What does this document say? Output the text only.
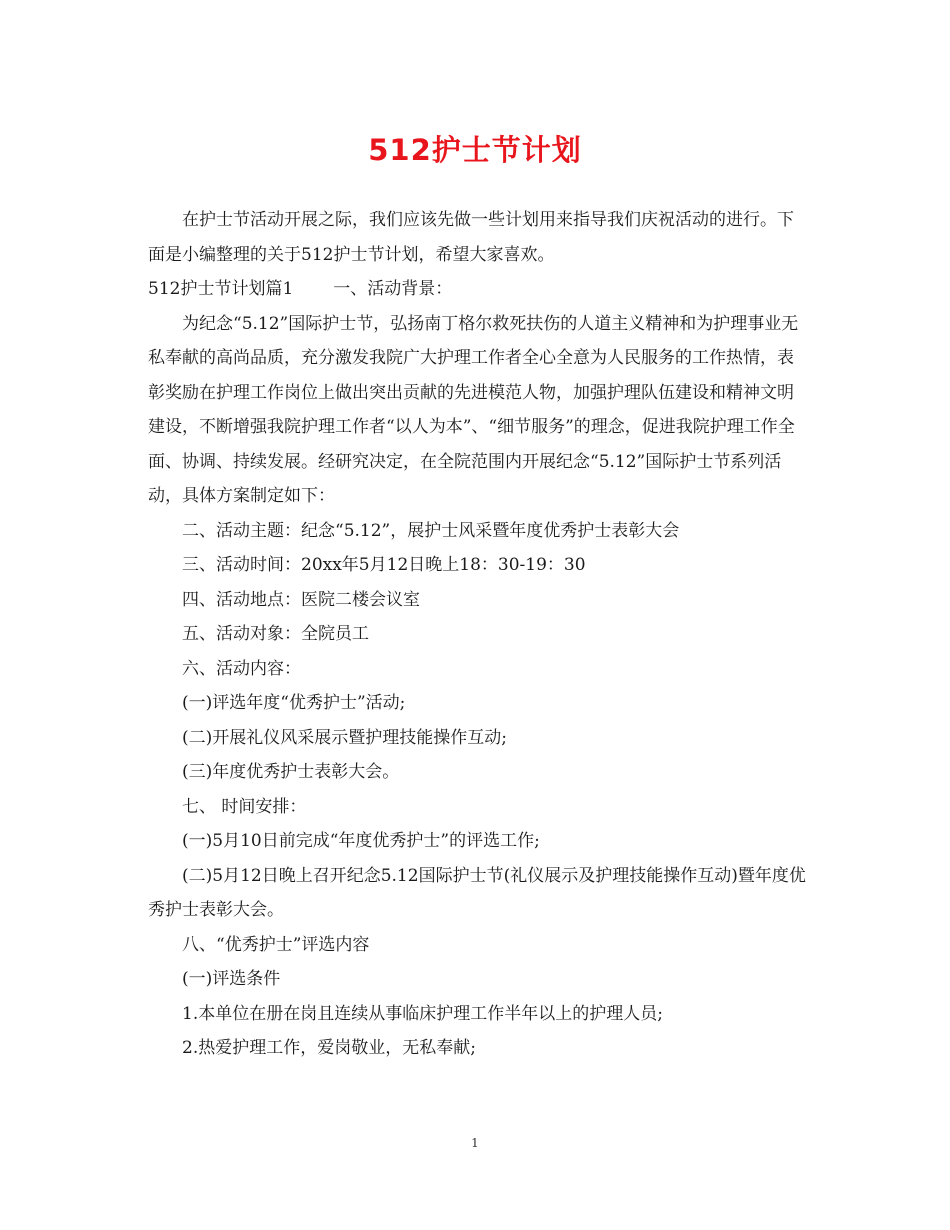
512护士节计划

在护士节活动开展之际，我们应该先做一些计划用来指导我们庆祝活动的进行。下面是小编整理的关于512护士节计划，希望大家喜欢。

512护士节计划篇1 一、活动背景：

为纪念“5.12”国际护士节，弘扬南丁格尔救死扶伤的人道主义精神和为护理事业无私奉献的高尚品质，充分激发我院广大护理工作者全心全意为人民服务的工作热情，表彰奖励在护理工作岗位上做出突出贡献的先进模范人物，加强护理队伍建设和精神文明建设，不断增强我院护理工作者“以人为本”、“细节服务”的理念，促进我院护理工作全面、协调、持续发展。经研究决定，在全院范围内开展纪念“5.12”国际护士节系列活动，具体方案制定如下：

二、活动主题：纪念“5.12”，展护士风采暨年度优秀护士表彰大会

三、活动时间：20xx年5月12日晚上18：30-19：30

四、活动地点：医院二楼会议室

五、活动对象：全院员工

六、活动内容：

(一)评选年度“优秀护士”活动;

(二)开展礼仪风采展示暨护理技能操作互动;

(三)年度优秀护士表彰大会。

七、 时间安排：

(一)5月10日前完成“年度优秀护士”的评选工作;

(二)5月12日晚上召开纪念5.12国际护士节(礼仪展示及护理技能操作互动)暨年度优秀护士表彰大会。

八、“优秀护士”评选内容

(一)评选条件

1.本单位在册在岗且连续从事临床护理工作半年以上的护理人员;

2.热爱护理工作，爱岗敬业，无私奉献;

1
